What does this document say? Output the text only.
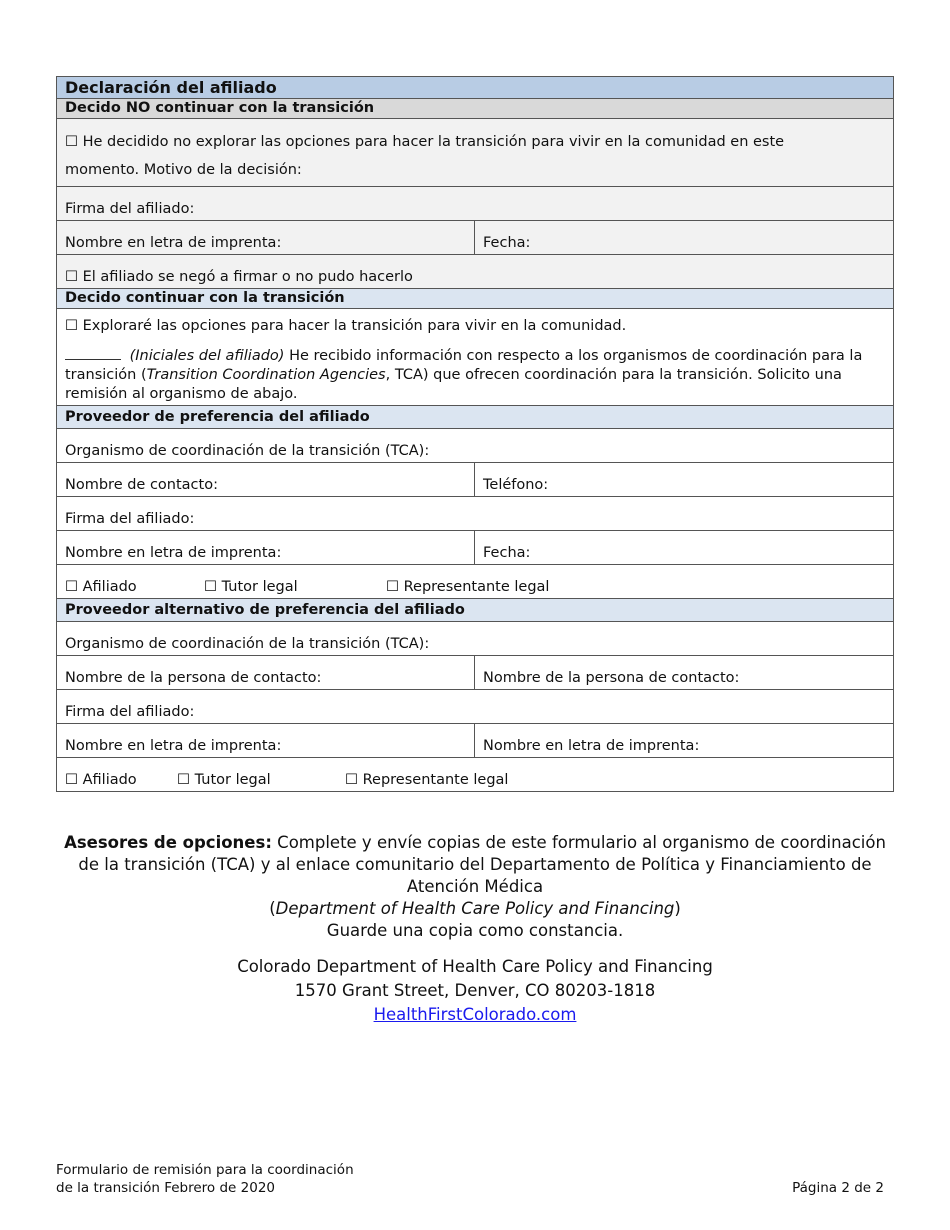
Declaración del afiliado
Decido NO continuar con la transición
☐ He decidido no explorar las opciones para hacer la transición para vivir en la comunidad en este
momento. Motivo de la decisión:
Firma del afiliado:
Nombre en letra de imprenta:	Fecha:
☐ El afiliado se negó a firmar o no pudo hacerlo
Decido continuar con la transición

☐ Exploraré las opciones para hacer la transición para vivir en la comunidad.

(Iniciales del afiliado) He recibido información con respecto a los organismos de coordinación para la transición (Transition Coordination Agencies, TCA) que ofrecen coordinación para la transición. Solicito una remisión al organismo de abajo.

Proveedor de preferencia del afiliado
Organismo de coordinación de la transición (TCA):
Nombre de contacto:	Teléfono:
Firma del afiliado:
Nombre en letra de imprenta:	Fecha:
☐ Afiliado	☐ Tutor legal	☐ Representante legal
Proveedor alternativo de preferencia del afiliado
Organismo de coordinación de la transición (TCA):
Nombre de la persona de contacto:	Nombre de la persona de contacto:
Firma del afiliado:
Nombre en letra de imprenta:	Nombre en letra de imprenta:
☐ Afiliado	☐ Tutor legal	☐ Representante legal

Asesores de opciones: Complete y envíe copias de este formulario al organismo de coordinación de la transición (TCA) y al enlace comunitario del Departamento de Política y Financiamiento de Atención Médica

(Department of Health Care Policy and Financing)

Guarde una copia como constancia.

Colorado Department of Health Care Policy and Financing

1570 Grant Street, Denver, CO 80203-1818

HealthFirstColorado.com

Formulario de remisión para la coordinación
de la transición Febrero de 2020	Página 2 de 2
